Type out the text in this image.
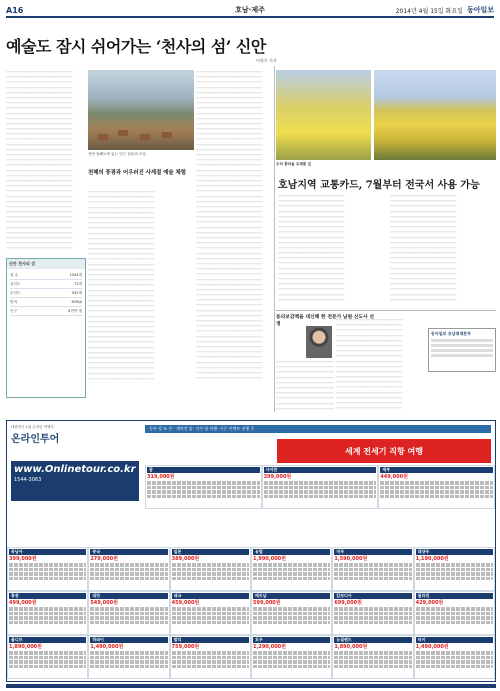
A16	호남·제주	2014년 4월 15일 화요일 동아일보
예술도 잠시 쉬어가는 ‘천사의 섬’ 신안
이형주 기자
━━━━━━━━━━━━━━━━━━━━━━━━━━━━━━━━━━━━━━━━━━━━
━━━━━━━━━━━━━━━━━━━━━━━━━━━━━━━━━━━━━━━━━━━━
━━━━━━━━━━━━━━━━━━━━━━━━━━━━━━━━━━━━━━━━━━━━
━━━━━━━━━━━━━━━━━━━━━━━━━━━━━━━━━━━━━━━━━━━━
━━━━━━━━━━━━━━━━━━━━━━━━━━━━━━━━━━━━━━━━━━━━
━━━━━━━━━━━━━━━━━━━━━━━━━━━━━━━━━━━━━━━━━━━━
━━━━━━━━━━━━━━━━━━━━━━━━━━━━━━━━━━━━━━━━━━━━
━━━━━━━━━━━━━━━━━━━━━━━━━━━━━━━━━━━━━━━━━━━━
━━━━━━━━━━━━━━━━━━━━━━━━━━━━━━━━━━━━━━━━━━━━
━━━━━━━━━━━━━━━━━━━━━━━━━━━━━━━━━━━━━━━━━━━━
━━━━━━━━━━━━━━━━━━━━━━━━━━━━━━━━━━━━━━━━━━━━
━━━━━━━━━━━━━━━━━━━━━━━━━━━━━━━━━━━━━━━━━━━━
━━━━━━━━━━━━━━━━━━━━━━━━━━━━━━━━━━━━━━━━━━━━
━━━━━━━━━━━━━━━━━━━━━━━━━━━━━━━━━━━━━━━━━━━━
━━━━━━━━━━━━━━━━━━━━━━━━━━━━━━━━━━━━━━━━━━━━
━━━━━━━━━━━━━━━━━━━━━━━━━━━━━━━━━━━━━━━━━━━━
━━━━━━━━━━━━━━━━━━━━━━━━━━━━━━━━━━━━━━━━━━━━
━━━━━━━━━━━━━━━━━━━━━━━━━━━━━━━━━━━━━━━━━━━━
━━━━━━━━━━━━━━━━━━━━━━━━━━━━━━━━━━━━━━━━━━━━
━━━━━━━━━━━━━━━━━━━━━━━━━━━━━━━━━━━━━━━━━━━━
━━━━━━━━━━━━━━━━━━━━━━━━━━━━━━━━━━━━━━━━━━━━
━━━━━━━━━━━━━━━━━━━━━━━━━━━━━━━━━━━━━━━━━━━━
━━━━━━━━━━━━━━━━━━━━━━━━━━━━━━━━━━━━━━━━━━━━
━━━━━━━━━━━━━━━━━━━━━━━━━━━━━━━━━━━━━━━━━━━━
━━━━━━━━━━━━━━━━━━━━━━━━━━━━━━━━━━━━━━━━━━━━
━━━━━━━━━━━━━━━━━━━━━━━━━━━━━━━━━━━━━━━━━━━━
━━━━━━━━━━━━━━━━━━━━━━━━━━━━━━━━━━━━━━━━━━━━
━━━━━━━━━━━━━━━━━━━━━━━━━━━━━━━━━━━━━━━━━━━━
━━━━━━━━━━━━━━━━━━━━━━━━━━━━━━━━━━━━━━━━━━━━
━━━━━━━━━━━━━━━━━━━━━━━━━━━━━━━━━━━━━━━━━━━━
━━━━━━━━━━━━━━━━━━━━━━━━━━━━━━━━━━━━━━━━━━━━
━━━━━━━━━━━━━━━━━━━━━━━━━━━━━━━━━━━━━━━━━━━━
━━━━━━━━━━━━━━━━━━━━━━━━━━━━━━━━━━━━━━━━━━━━
━━━━━━━━━━━━━━━━━━━━━━━━━━━━━━━━━━━━━━━━━━━━
━━━━━━━━━━━━━━━━━━━━━━━━━━━━━━━━━━━━━━━━━━━━
신안 압해도에 있는 인근 섬들의 모습.
천혜의 풍광과 어우러진 사계절 예술 체험
━━━━━━━━━━━━━━━━━━━━━━━━━━━━━━━━━━━━━━━━━━━━
━━━━━━━━━━━━━━━━━━━━━━━━━━━━━━━━━━━━━━━━━━━━
━━━━━━━━━━━━━━━━━━━━━━━━━━━━━━━━━━━━━━━━━━━━
━━━━━━━━━━━━━━━━━━━━━━━━━━━━━━━━━━━━━━━━━━━━
━━━━━━━━━━━━━━━━━━━━━━━━━━━━━━━━━━━━━━━━━━━━
━━━━━━━━━━━━━━━━━━━━━━━━━━━━━━━━━━━━━━━━━━━━
━━━━━━━━━━━━━━━━━━━━━━━━━━━━━━━━━━━━━━━━━━━━
━━━━━━━━━━━━━━━━━━━━━━━━━━━━━━━━━━━━━━━━━━━━
━━━━━━━━━━━━━━━━━━━━━━━━━━━━━━━━━━━━━━━━━━━━
━━━━━━━━━━━━━━━━━━━━━━━━━━━━━━━━━━━━━━━━━━━━
━━━━━━━━━━━━━━━━━━━━━━━━━━━━━━━━━━━━━━━━━━━━
━━━━━━━━━━━━━━━━━━━━━━━━━━━━━━━━━━━━━━━━━━━━
━━━━━━━━━━━━━━━━━━━━━━━━━━━━━━━━━━━━━━━━━━━━
━━━━━━━━━━━━━━━━━━━━━━━━━━━━━━━━━━━━━━━━━━━━
━━━━━━━━━━━━━━━━━━━━━━━━━━━━━━━━━━━━━━━━━━━━
━━━━━━━━━━━━━━━━━━━━━━━━━━━━━━━━━━━━━━━━━━━━
━━━━━━━━━━━━━━━━━━━━━━━━━━━━━━━━━━━━━━━━━━━━
━━━━━━━━━━━━━━━━━━━━━━━━━━━━━━━━━━━━━━━━━━━━
━━━━━━━━━━━━━━━━━━━━━━━━━━━━━━━━━━━━━━━━━━━━
━━━━━━━━━━━━━━━━━━━━━━━━━━━━━━━━━━━━━━━━━━━━
━━━━━━━━━━━━━━━━━━━━━━━━━━━━━━━━━━━━━━━━━━━━
━━━━━━━━━━━━━━━━━━━━━━━━━━━━━━━━━━━━━━━━━━━━
━━━━━━━━━━━━━━━━━━━━━━━━━━━━━━━━━━━━━━━━━━━━
━━━━━━━━━━━━━━━━━━━━━━━━━━━━━━━━━━━━━━━━━━━━
━━━━━━━━━━━━━━━━━━━━━━━━━━━━━━━━━━━━━━━━━━━━
━━━━━━━━━━━━━━━━━━━━━━━━━━━━━━━━━━━━━━━━━━━━
━━━━━━━━━━━━━━━━━━━━━━━━━━━━━━━━━━━━━━━━━━━━
━━━━━━━━━━━━━━━━━━━━━━━━━━━━━━━━━━━━━━━━━━━━
━━━━━━━━━━━━━━━━━━━━━━━━━━━━━━━━━━━━━━━━━━━━
━━━━━━━━━━━━━━━━━━━━━━━━━━━━━━━━━━━━━━━━━━━━
━━━━━━━━━━━━━━━━━━━━━━━━━━━━━━━━━━━━━━━━━━━━
━━━━━━━━━━━━━━━━━━━━━━━━━━━━━━━━━━━━━━━━━━━━
━━━━━━━━━━━━━━━━━━━━━━━━━━━━━━━━━━━━━━━━━━━━
━━━━━━━━━━━━━━━━━━━━━━━━━━━━━━━━━━━━━━━━━━━━
━━━━━━━━━━━━━━━━━━━━━━━━━━━━━━━━━━━━━━━━━━━━
━━━━━━━━━━━━━━━━━━━━━━━━━━━━━━━━━━━━━━━━━━━━
━━━━━━━━━━━━━━━━━━━━━━━━━━━━━━━━━━━━━━━━━━━━
━━━━━━━━━━━━━━━━━━━━━━━━━━━━━━━━━━━━━━━━━━━━
━━━━━━━━━━━━━━━━━━━━━━━━━━━━━━━━━━━━━━━━━━━━
━━━━━━━━━━━━━━━━━━━━━━━━━━━━━━━━━━━━━━━━━━━━
━━━━━━━━━━━━━━━━━━━━━━━━━━━━━━━━━━━━━━━━━━━━
━━━━━━━━━━━━━━━━━━━━━━━━━━━━━━━━━━━━━━━━━━━━
━━━━━━━━━━━━━━━━━━━━━━━━━━━━━━━━━━━━━━━━━━━━
━━━━━━━━━━━━━━━━━━━━━━━━━━━━━━━━━━━━━━━━━━━━
━━━━━━━━━━━━━━━━━━━━━━━━━━━━━━━━━━━━━━━━━━━━
━━━━━━━━━━━━━━━━━━━━━━━━━━━━━━━━━━━━━━━━━━━━
━━━━━━━━━━━━━━━━━━━━━━━━━━━━━━━━━━━━━━━━━━━━
━━━━━━━━━━━━━━━━━━━━━━━━━━━━━━━━━━━━━━━━━━━━
━━━━━━━━━━━━━━━━━━━━━━━━━━━━━━━━━━━━━━━━━━━━
━━━━━━━━━━━━━━━━━━━━━━━━━━━━━━━━━━━━━━━━━━━━
━━━━━━━━━━━━━━━━━━━━━━━━━━━━━━━━━━━━━━━━━━━━
━━━━━━━━━━━━━━━━━━━━━━━━━━━━━━━━━━━━━━━━━━━━
━━━━━━━━━━━━━━━━━━━━━━━━━━━━━━━━━━━━━━━━━━━━
━━━━━━━━━━━━━━━━━━━━━━━━━━━━━━━━━━━━━━━━━━━━
━━━━━━━━━━━━━━━━━━━━━━━━━━━━━━━━━━━━━━━━━━━━
━━━━━━━━━━━━━━━━━━━━━━━━━━━━━━━━━━━━━━━━━━━━
━━━━━━━━━━━━━━━━━━━━━━━━━━━━━━━━━━━━━━━━━━━━
━━━━━━━━━━━━━━━━━━━━━━━━━━━━━━━━━━━━━━━━━━━━
━━━━━━━━━━━━━━━━━━━━━━━━━━━━━━━━━━━━━━━━━━━━
━━━━━━━━━━━━━━━━━━━━━━━━━━━━━━━━━━━━━━━━━━━━
━━━━━━━━━━━━━━━━━━━━━━━━━━━━━━━━━━━━━━━━━━━━
━━━━━━━━━━━━━━━━━━━━━━━━━━━━━━━━━━━━━━━━━━━━
━━━━━━━━━━━━━━━━━━━━━━━━━━━━━━━━━━━━━━━━━━━━
━━━━━━━━━━━━━━━━━━━━━━━━━━━━━━━━━━━━━━━━━━━━
━━━━━━━━━━━━━━━━━━━━━━━━━━━━━━━━━━━━━━━━━━━━
━━━━━━━━━━━━━━━━━━━━━━━━━━━━━━━━━━━━━━━━━━━━
━━━━━━━━━━━━━━━━━━━━━━━━━━━━━━━━━━━━━━━━━━━━
━━━━━━━━━━━━━━━━━━━━━━━━━━━━━━━━━━━━━━━━━━━━
━━━━━━━━━━━━━━━━━━━━━━━━━━━━━━━━━━━━━━━━━━━━
━━━━━━━━━━━━━━━━━━━━━━━━━━━━━━━━━━━━━━━━━━━━
━━━━━━━━━━━━━━━━━━━━━━━━━━━━━━━━━━━━━━━━━━━━
━━━━━━━━━━━━━━━━━━━━━━━━━━━━━━━━━━━━━━━━━━━━
━━━━━━━━━━━━━━━━━━━━━━━━━━━━━━━━━━━━━━━━━━━━
━━━━━━━━━━━━━━━━━━━━━━━━━━━━━━━━━━━━━━━━━━━━
━━━━━━━━━━━━━━━━━━━━━━━━━━━━━━━━━━━━━━━━━━━━
━━━━━━━━━━━━━━━━━━━━━━━━━━━━━━━━━━━━━━━━━━━━
━━━━━━━━━━━━━━━━━━━━━━━━━━━━━━━━━━━━━━━━━━━━
━━━━━━━━━━━━━━━━━━━━━━━━━━━━━━━━━━━━━━━━━━━━
━━━━━━━━━━━━━━━━━━━━━━━━━━━━━━━━━━━━━━━━━━━━
━━━━━━━━━━━━━━━━━━━━━━━━━━━━━━━━━━━━━━━━━━━━
━━━━━━━━━━━━━━━━━━━━━━━━━━━━━━━━━━━━━━━━━━━━
━━━━━━━━━━━━━━━━━━━━━━━━━━━━━━━━━━━━━━━━━━━━
━━━━━━━━━━━━━━━━━━━━━━━━━━━━━━━━━━━━━━━━━━━━
━━━━━━━━━━━━━━━━━━━━━━━━━━━━━━━━━━━━━━━━━━━━
━━━━━━━━━━━━━━━━━━━━━━━━━━━━━━━━━━━━━━━━━━━━
━━━━━━━━━━━━━━━━━━━━━━━━━━━━━━━━━━━━━━━━━━━━
━━━━━━━━━━━━━━━━━━━━━━━━━━━━━━━━━━━━━━━━━━━━
━━━━━━━━━━━━━━━━━━━━━━━━━━━━━━━━━━━━━━━━━━━━
━━━━━━━━━━━━━━━━━━━━━━━━━━━━━━━━━━━━━━━━━━━━
━━━━━━━━━━━━━━━━━━━━━━━━━━━━━━━━━━━━━━━━━━━━
━━━━━━━━━━━━━━━━━━━━━━━━━━━━━━━━━━━━━━━━━━━━
━━━━━━━━━━━━━━━━━━━━━━━━━━━━━━━━━━━━━━━━━━━━
━━━━━━━━━━━━━━━━━━━━━━━━━━━━━━━━━━━━━━━━━━━━
━━━━━━━━━━━━━━━━━━━━━━━━━━━━━━━━━━━━━━━━━━━━
━━━━━━━━━━━━━━━━━━━━━━━━━━━━━━━━━━━━━━━━━━━━
━━━━━━━━━━━━━━━━━━━━━━━━━━━━━━━━━━━━━━━━━━━━
━━━━━━━━━━━━━━━━━━━━━━━━━━━━━━━━━━━━━━━━━━━━
신안 천사의 섬
섬 수	1004개
유인도	72개
무인도	932개
면적	655㎢
인구	4만여 명
우리 꽃마을 유채꽃 길
호남지역 교통카드, 7월부터 전국서 사용 가능
━━━━━━━━━━━━━━━━━━━━━━━━━━━━━━━━━━━━━━━━━━━━
━━━━━━━━━━━━━━━━━━━━━━━━━━━━━━━━━━━━━━━━━━━━
━━━━━━━━━━━━━━━━━━━━━━━━━━━━━━━━━━━━━━━━━━━━
━━━━━━━━━━━━━━━━━━━━━━━━━━━━━━━━━━━━━━━━━━━━
━━━━━━━━━━━━━━━━━━━━━━━━━━━━━━━━━━━━━━━━━━━━
━━━━━━━━━━━━━━━━━━━━━━━━━━━━━━━━━━━━━━━━━━━━
━━━━━━━━━━━━━━━━━━━━━━━━━━━━━━━━━━━━━━━━━━━━
━━━━━━━━━━━━━━━━━━━━━━━━━━━━━━━━━━━━━━━━━━━━
━━━━━━━━━━━━━━━━━━━━━━━━━━━━━━━━━━━━━━━━━━━━
━━━━━━━━━━━━━━━━━━━━━━━━━━━━━━━━━━━━━━━━━━━━
━━━━━━━━━━━━━━━━━━━━━━━━━━━━━━━━━━━━━━━━━━━━
━━━━━━━━━━━━━━━━━━━━━━━━━━━━━━━━━━━━━━━━━━━━
━━━━━━━━━━━━━━━━━━━━━━━━━━━━━━━━━━━━━━━━━━━━
━━━━━━━━━━━━━━━━━━━━━━━━━━━━━━━━━━━━━━━━━━━━
━━━━━━━━━━━━━━━━━━━━━━━━━━━━━━━━━━━━━━━━━━━━
━━━━━━━━━━━━━━━━━━━━━━━━━━━━━━━━━━━━━━━━━━━━
━━━━━━━━━━━━━━━━━━━━━━━━━━━━━━━━━━━━━━━━━━━━
━━━━━━━━━━━━━━━━━━━━━━━━━━━━━━━━━━━━━━━━━━━━
━━━━━━━━━━━━━━━━━━━━━━━━━━━━━━━━━━━━━━━━━━━━
━━━━━━━━━━━━━━━━━━━━━━━━━━━━━━━━━━━━━━━━━━━━
━━━━━━━━━━━━━━━━━━━━━━━━━━━━━━━━━━━━━━━━━━━━
━━━━━━━━━━━━━━━━━━━━━━━━━━━━━━━━━━━━━━━━━━━━
━━━━━━━━━━━━━━━━━━━━━━━━━━━━━━━━━━━━━━━━━━━━
━━━━━━━━━━━━━━━━━━━━━━━━━━━━━━━━━━━━━━━━━━━━
━━━━━━━━━━━━━━━━━━━━━━━━━━━━━━━━━━━━━━━━━━━━
━━━━━━━━━━━━━━━━━━━━━━━━━━━━━━━━━━━━━━━━━━━━
━━━━━━━━━━━━━━━━━━━━━━━━━━━━━━━━━━━━━━━━━━━━
━━━━━━━━━━━━━━━━━━━━━━━━━━━━━━━━━━━━━━━━━━━━
━━━━━━━━━━━━━━━━━━━━━━━━━━━━━━━━━━━━━━━━━━━━
━━━━━━━━━━━━━━━━━━━━━━━━━━━━━━━━━━━━━━━━━━━━
━━━━━━━━━━━━━━━━━━━━━━━━━━━━━━━━━━━━━━━━━━━━
━━━━━━━━━━━━━━━━━━━━━━━━━━━━━━━━━━━━━━━━━━━━
━━━━━━━━━━━━━━━━━━━━━━━━━━━━━━━━━━━━━━━━━━━━
━━━━━━━━━━━━━━━━━━━━━━━━━━━━━━━━━━━━━━━━━━━━
━━━━━━━━━━━━━━━━━━━━━━━━━━━━━━━━━━━━━━━━━━━━
━━━━━━━━━━━━━━━━━━━━━━━━━━━━━━━━━━━━━━━━━━━━
━━━━━━━━━━━━━━━━━━━━━━━━━━━━━━━━━━━━━━━━━━━━
━━━━━━━━━━━━━━━━━━━━━━━━━━━━━━━━━━━━━━━━━━━━
━━━━━━━━━━━━━━━━━━━━━━━━━━━━━━━━━━━━━━━━━━━━
━━━━━━━━━━━━━━━━━━━━━━━━━━━━━━━━━━━━━━━━━━━━
━━━━━━━━━━━━━━━━━━━━━━━━━━━━━━━━━━━━━━━━━━━━
━━━━━━━━━━━━━━━━━━━━━━━━━━━━━━━━━━━━━━━━━━━━
동의보감책을 대신해 한 전문가 남원 신도사 선정
━━━━━━━━━━━━━━━━━━━━━━━━━━━━━━━━━━━━━━━━━━━━
━━━━━━━━━━━━━━━━━━━━━━━━━━━━━━━━━━━━━━━━━━━━
━━━━━━━━━━━━━━━━━━━━━━━━━━━━━━━━━━━━━━━━━━━━
━━━━━━━━━━━━━━━━━━━━━━━━━━━━━━━━━━━━━━━━━━━━
━━━━━━━━━━━━━━━━━━━━━━━━━━━━━━━━━━━━━━━━━━━━
━━━━━━━━━━━━━━━━━━━━━━━━━━━━━━━━━━━━━━━━━━━━
━━━━━━━━━━━━━━━━━━━━━━━━━━━━━━━━━━━━━━━━━━━━
━━━━━━━━━━━━━━━━━━━━━━━━━━━━━━━━━━━━━━━━━━━━
━━━━━━━━━━━━━━━━━━━━━━━━━━━━━━━━━━━━━━━━━━━━
━━━━━━━━━━━━━━━━━━━━━━━━━━━━━━━━━━━━━━━━━━━━
━━━━━━━━━━━━━━━━━━━━━━━━━━━━━━━━━━━━━━━━━━━━
━━━━━━━━━━━━━━━━━━━━━━━━━━━━━━━━━━━━━━━━━━━━
━━━━━━━━━━━━━━━━━━━━━━━━━━━━━━━━━━━━━━━━━━━━
━━━━━━━━━━━━━━━━━━━━━━━━━━━━━━━━━━━━━━━━━━━━
━━━━━━━━━━━━━━━━━━━━━━━━━━━━━━━━━━━━━━━━━━━━
━━━━━━━━━━━━━━━━━━━━━━━━━━━━━━━━━━━━━━━━━━━━
━━━━━━━━━━━━━━━━━━━━━━━━━━━━━━━━━━━━━━━━━━━━
━━━━━━━━━━━━━━━━━━━━━━━━━━━━━━━━━━━━━━━━━━━━
━━━━━━━━━━━━━━━━━━━━━━━━━━━━━━━━━━━━━━━━━━━━
━━━━━━━━━━━━━━━━━━━━━━━━━━━━━━━━━━━━━━━━━━━━
━━━━━━━━━━━━━━━━━━━━━━━━━━━━━━━━━━━━━━━━━━━━
━━━━━━━━━━━━━━━━━━━━━━━━━━━━━━━━━━━━━━━━━━━━
━━━━━━━━━━━━━━━━━━━━━━━━━━━━━━━━━━━━━━━━━━━━
━━━━━━━━━━━━━━━━━━━━━━━━━━━━━━━━━━━━━━━━━━━━
━━━━━━━━━━━━━━━━━━━━━━━━━━━━━━━━━━━━━━━━━━━━
━━━━━━━━━━━━━━━━━━━━━━━━━━━━━━━━━━━━━━━━━━━━
━━━━━━━━━━━━━━━━━━━━━━━━━━━━━━━━━━━━━━━━━━━━
━━━━━━━━━━━━━━━━━━━━━━━━━━━━━━━━━━━━━━━━━━━━
동아일보 호남취재본부
대한민국 1위 온라인 여행사
온라인투어
www.Onlinetour.co.kr
1544-3063
동아 정 조 전 · 계약전 달· 지가 영 여행· 시즌 이벤트 진행 중
세계 전세기 직항 여행
괌
319,000원
사이판
399,000원
세부
449,000원
동남아
399,000원
중국
279,000원
일본
389,000원
유럽
1,990,000원
미주
1,590,000원
대양주
1,190,000원
홍콩
499,000원
대만
549,000원
태국
459,000원
베트남
599,000원
캄보디아
699,000원
필리핀
429,000원
몰디브
1,890,000원
하와이
1,490,000원
발리
759,000원
호주
1,290,000원
뉴질랜드
1,890,000원
터키
1,490,000원
